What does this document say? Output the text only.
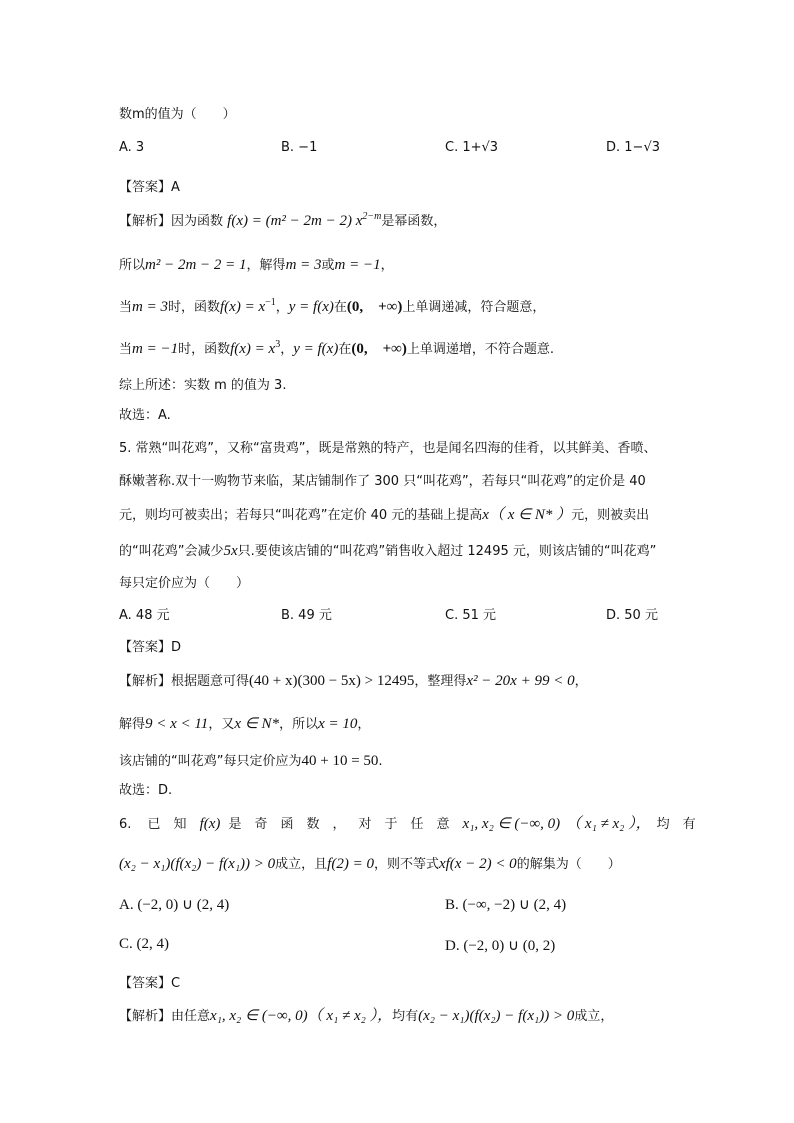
数m的值为（　　）
A. 3	B. −1	C. 1+√3	D. 1−√3
【答案】A
【解析】因为函数 f(x) = (m² − 2m − 2) $x^{2-m}$是幂函数，
所以m² − 2m − 2 = 1，解得m = 3或m = −1，
当m = 3时，函数$f(x) = x^{-1}$，y = f(x)在(0,　+∞)上单调递减，符合题意，
当m = −1时，函数$f(x) = x^3$，y = f(x)在(0,　+∞)上单调递增，不符合题意.
综上所述：实数 m 的值为 3.
故选：A.
5. 常熟“叫花鸡”，又称“富贵鸡”，既是常熟的特产，也是闻名四海的佳肴，以其鲜美、香喷、
酥嫩著称.双十一购物节来临，某店铺制作了 300 只“叫花鸡”，若每只“叫花鸡”的定价是 40
元，则均可被卖出；若每只“叫花鸡”在定价 40 元的基础上提高x（ x ∈ N* ）元，则被卖出
的“叫花鸡”会减少5x只.要使该店铺的“叫花鸡”销售收入超过 12495 元，则该店铺的“叫花鸡”
每只定价应为（　　）
A. 48 元	B. 49 元	C. 51 元	D. 50 元
【答案】D
【解析】根据题意可得(40 + x)(300 − 5x) > 12495，整理得x² − 20x + 99 < 0，
解得9 < x < 11，又x ∈ N*，所以x = 10，
该店铺的“叫花鸡”每只定价应为40 + 10 = 50.
故选：D.
6. 已知f(x) 是奇函数，对于任意x₁, x₂ ∈ (−∞, 0) （ x₁ ≠ x₂ ）， 均有
(x₂ − x₁)(f(x₂) − f(x₁)) > 0成立，且f(2) = 0，则不等式xf(x − 2) < 0的解集为（　　）
A. (−2, 0) ∪ (2, 4)	B. (−∞, −2) ∪ (2, 4)
C. (2, 4)	D. (−2, 0) ∪ (0, 2)
【答案】C
【解析】由任意x₁, x₂ ∈ (−∞, 0)（ x₁ ≠ x₂ ），均有(x₂ − x₁)(f(x₂) − f(x₁)) > 0成立，
